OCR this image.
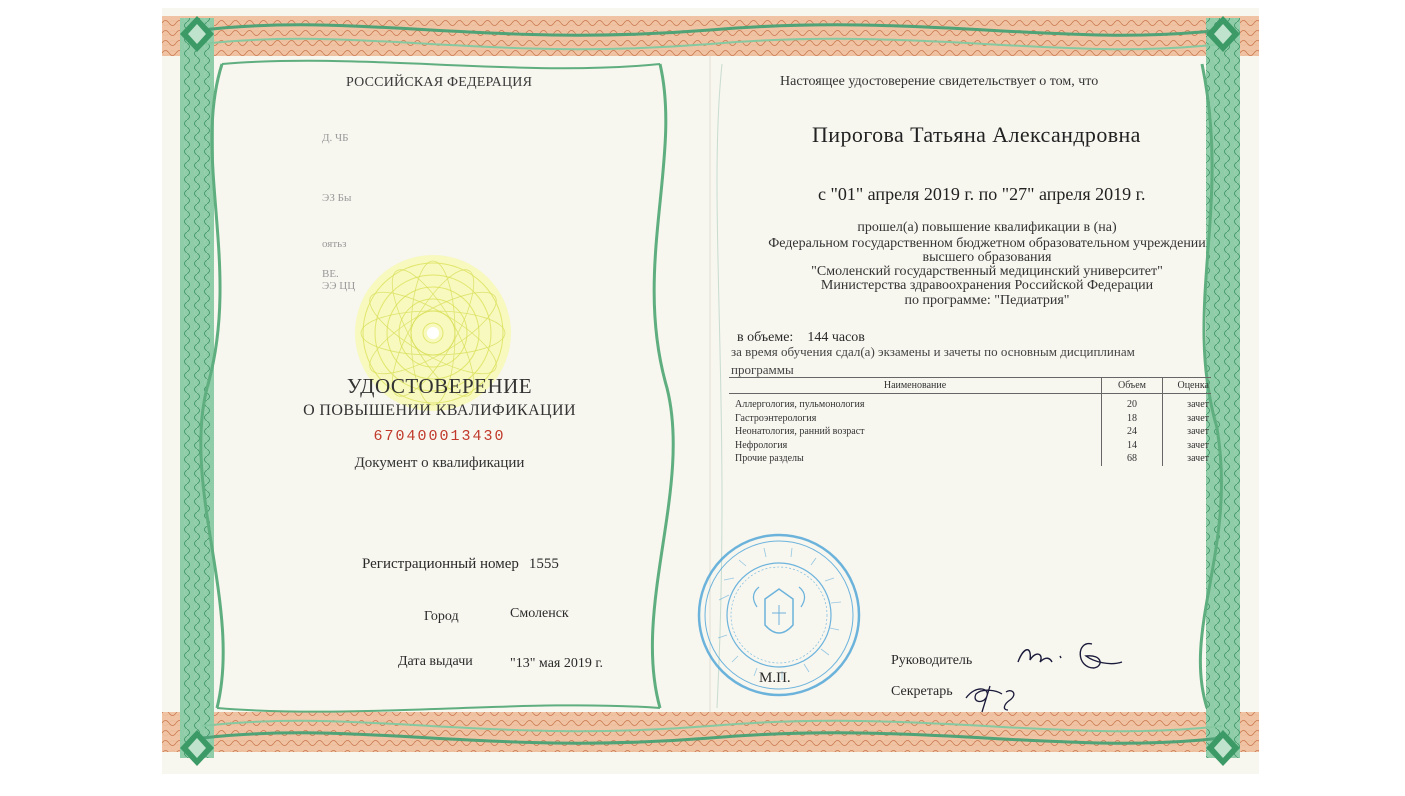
РОССИЙСКАЯ ФЕДЕРАЦИЯ
Д. ЧБ
ЭЗ Бы
оятьз
ВЕ.
ЭЭ ЦЦ
УДОСТОВЕРЕНИЕ
О ПОВЫШЕНИИ КВАЛИФИКАЦИИ
670400013430
Документ о квалификации
Регистрационный номер 1555
Город	Смоленск
Дата выдачи	"13" мая 2019 г.
Настоящее удостоверение свидетельствует о том, что
Пирогова Татьяна Александровна
с "01" апреля 2019 г. по "27" апреля 2019 г.
прошел(а) повышение квалификации в (на)
Федеральном государственном бюджетном образовательном учреждении
высшего образования
"Смоленский государственный медицинский университет"
Министерства здравоохранения Российской Федерации
по программе: "Педиатрия"
в объеме: 144 часов
за время обучения сдал(а) экзамены и зачеты по основным дисциплинам
программы
Наименование	Объем	Оценка
Аллергология, пульмонология	20	зачет
Гастроэнтерология	18	зачет
Неонатология, ранний возраст	24	зачет
Нефрология	14	зачет
Прочие разделы	68	зачет
М.П.
Руководитель
Секретарь
